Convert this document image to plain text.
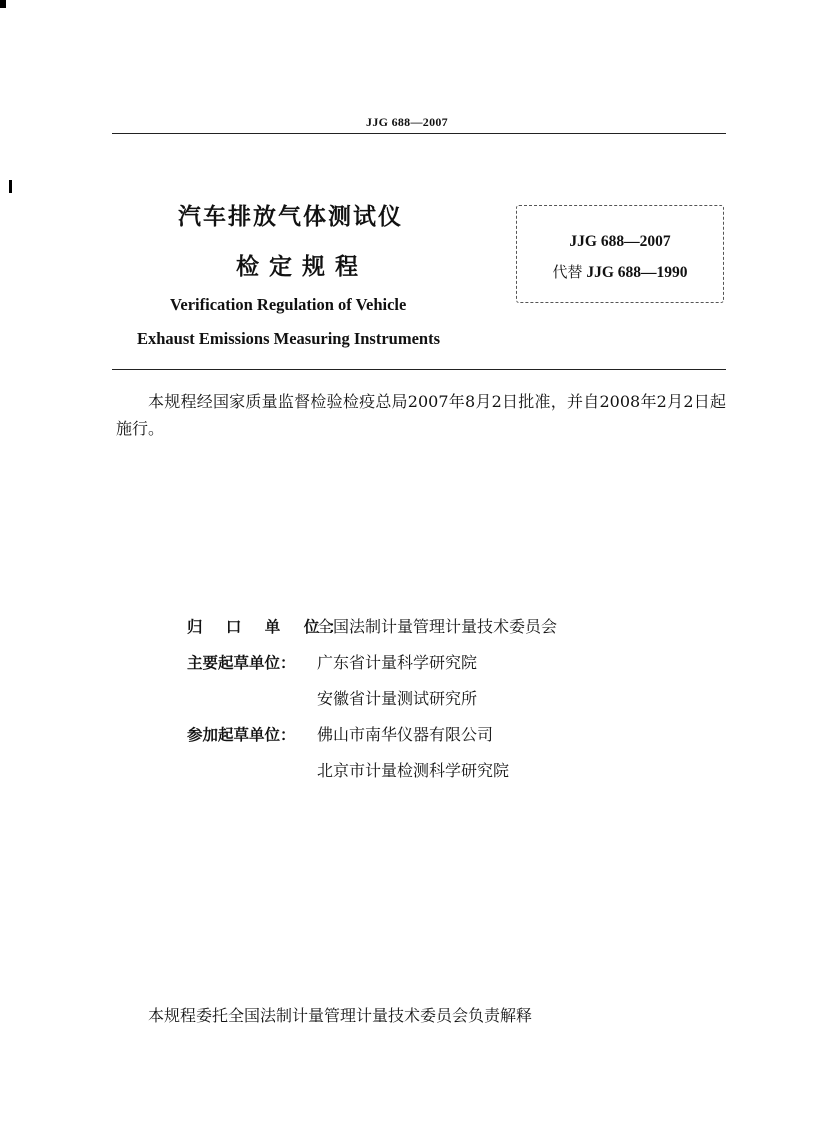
JJG 688—2007
汽车排放气体测试仪
检定规程
Verification Regulation of Vehicle
Exhaust Emissions Measuring Instruments
JJG 688—2007
代替 JJG 688—1990
本规程经国家质量监督检验检疫总局2007年8月2日批准，并自2008年2月2日起施行。
归 口 单 位：全国法制计量管理计量技术委员会
主要起草单位： 广东省计量科学研究院
安徽省计量测试研究所
参加起草单位： 佛山市南华仪器有限公司
北京市计量检测科学研究院
本规程委托全国法制计量管理计量技术委员会负责解释
